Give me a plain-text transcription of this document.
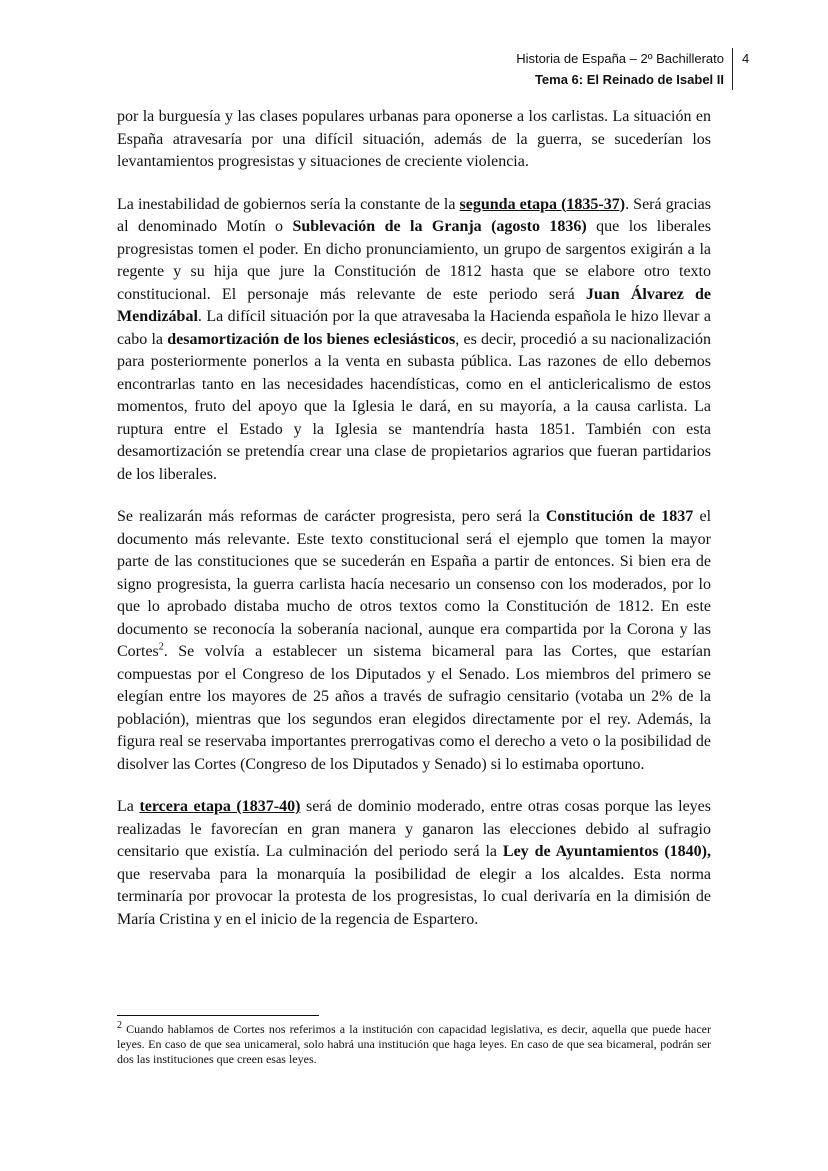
Historia de España – 2º Bachillerato
Tema 6: El Reinado de Isabel II
4

por la burguesía y las clases populares urbanas para oponerse a los carlistas. La situación en España atravesaría por una difícil situación, además de la guerra, se sucederían los levantamientos progresistas y situaciones de creciente violencia.

La inestabilidad de gobiernos sería la constante de la segunda etapa (1835-37). Será gracias al denominado Motín o Sublevación de la Granja (agosto 1836) que los liberales progresistas tomen el poder. En dicho pronunciamiento, un grupo de sargentos exigirán a la regente y su hija que jure la Constitución de 1812 hasta que se elabore otro texto constitucional. El personaje más relevante de este periodo será Juan Álvarez de Mendizábal. La difícil situación por la que atravesaba la Hacienda española le hizo llevar a cabo la desamortización de los bienes eclesiásticos, es decir, procedió a su nacionalización para posteriormente ponerlos a la venta en subasta pública. Las razones de ello debemos encontrarlas tanto en las necesidades hacendísticas, como en el anticlericalismo de estos momentos, fruto del apoyo que la Iglesia le dará, en su mayoría, a la causa carlista. La ruptura entre el Estado y la Iglesia se mantendría hasta 1851. También con esta desamortización se pretendía crear una clase de propietarios agrarios que fueran partidarios de los liberales.

Se realizarán más reformas de carácter progresista, pero será la Constitución de 1837 el documento más relevante. Este texto constitucional será el ejemplo que tomen la mayor parte de las constituciones que se sucederán en España a partir de entonces. Si bien era de signo progresista, la guerra carlista hacía necesario un consenso con los moderados, por lo que lo aprobado distaba mucho de otros textos como la Constitución de 1812. En este documento se reconocía la soberanía nacional, aunque era compartida por la Corona y las Cortes$^2$. Se volvía a establecer un sistema bicameral para las Cortes, que estarían compuestas por el Congreso de los Diputados y el Senado. Los miembros del primero se elegían entre los mayores de 25 años a través de sufragio censitario (votaba un 2% de la población), mientras que los segundos eran elegidos directamente por el rey. Además, la figura real se reservaba importantes prerrogativas como el derecho a veto o la posibilidad de disolver las Cortes (Congreso de los Diputados y Senado) si lo estimaba oportuno.

La tercera etapa (1837-40) será de dominio moderado, entre otras cosas porque las leyes realizadas le favorecían en gran manera y ganaron las elecciones debido al sufragio censitario que existía. La culminación del periodo será la Ley de Ayuntamientos (1840), que reservaba para la monarquía la posibilidad de elegir a los alcaldes. Esta norma terminaría por provocar la protesta de los progresistas, lo cual derivaría en la dimisión de María Cristina y en el inicio de la regencia de Espartero.

$^2$ Cuando hablamos de Cortes nos referimos a la institución con capacidad legislativa, es decir, aquella que puede hacer leyes. En caso de que sea unicameral, solo habrá una institución que haga leyes. En caso de que sea bicameral, podrán ser dos las instituciones que creen esas leyes.
